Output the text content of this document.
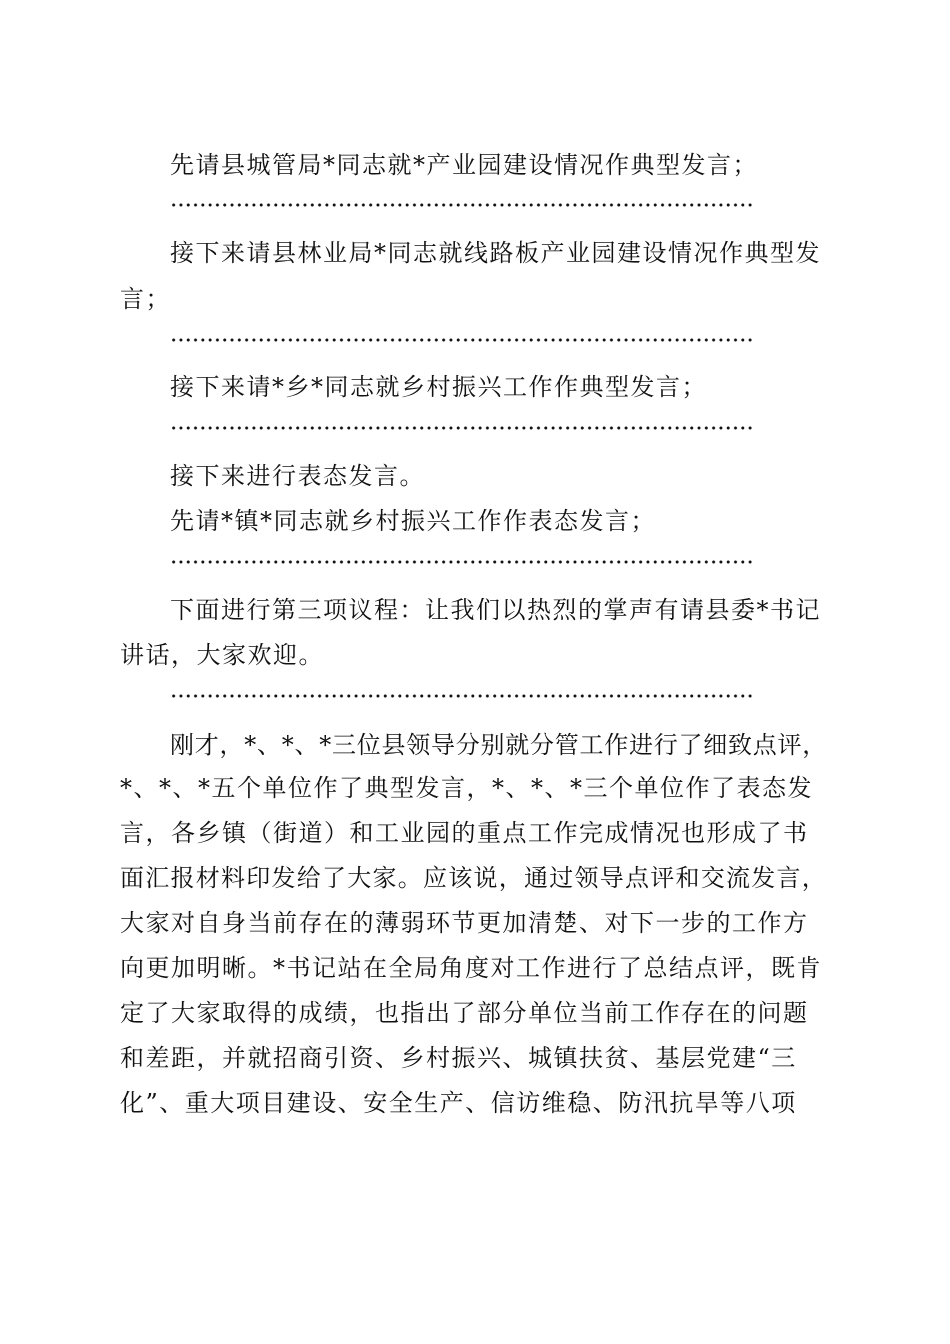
先请县城管局*同志就*产业园建设情况作典型发言；
接下来请县林业局*同志就线路板产业园建设情况作典型发
言；
接下来请*乡*同志就乡村振兴工作作典型发言；
接下来进行表态发言。
先请*镇*同志就乡村振兴工作作表态发言；
下面进行第三项议程：让我们以热烈的掌声有请县委*书记
讲话，大家欢迎。
刚才，*、*、*三位县领导分别就分管工作进行了细致点评，
*、*、*五个单位作了典型发言，*、*、*三个单位作了表态发
言，各乡镇（街道）和工业园的重点工作完成情况也形成了书
面汇报材料印发给了大家。应该说，通过领导点评和交流发言，
大家对自身当前存在的薄弱环节更加清楚、对下一步的工作方
向更加明晰。*书记站在全局角度对工作进行了总结点评，既肯
定了大家取得的成绩，也指出了部分单位当前工作存在的问题
和差距，并就招商引资、乡村振兴、城镇扶贫、基层党建“三
化”、重大项目建设、安全生产、信访维稳、防汛抗旱等八项
